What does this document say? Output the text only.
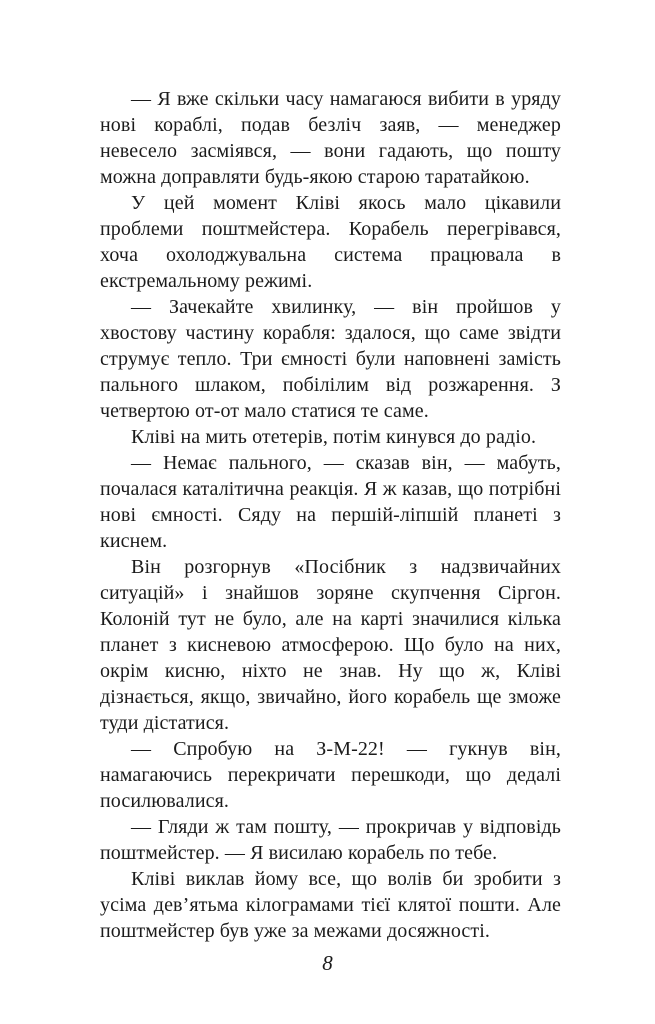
— Я вже скільки часу намагаюся вибити в уряду нові кораблі, подав безліч заяв, — менеджер невесело засміявся, — вони гадають, що пошту можна доправляти будь-якою старою таратайкою.

У цей момент Кліві якось мало цікавили проблеми поштмейстера. Корабель перегрівався, хоча охолоджувальна система працювала в екстремальному режимі.

— Зачекайте хвилинку, — він пройшов у хвостову частину корабля: здалося, що саме звідти струмує тепло. Три ємності були наповнені замість пального шлаком, побілілим від розжарення. З четвертою от-от мало статися те саме.

Кліві на мить отетерів, потім кинувся до радіо.

— Немає пального, — сказав він, — мабуть, почалася каталітична реакція. Я ж казав, що потрібні нові ємності. Сяду на першій-ліпшій планеті з киснем.

Він розгорнув «Посібник з надзвичайних ситуацій» і знайшов зоряне скупчення Сіргон. Колоній тут не було, але на карті значилися кілька планет з кисневою атмосферою. Що було на них, окрім кисню, ніхто не знав. Ну що ж, Кліві дізнається, якщо, звичайно, його корабель ще зможе туди дістатися.

— Спробую на З-М-22! — гукнув він, намагаючись перекричати перешкоди, що дедалі посилювалися.

— Гляди ж там пошту, — прокричав у відповідь поштмейстер. — Я висилаю корабель по тебе.

Кліві виклав йому все, що волів би зробити з усіма дев’ятьма кілограмами тієї клятої пошти. Але поштмейстер був уже за межами досяжності.

8
